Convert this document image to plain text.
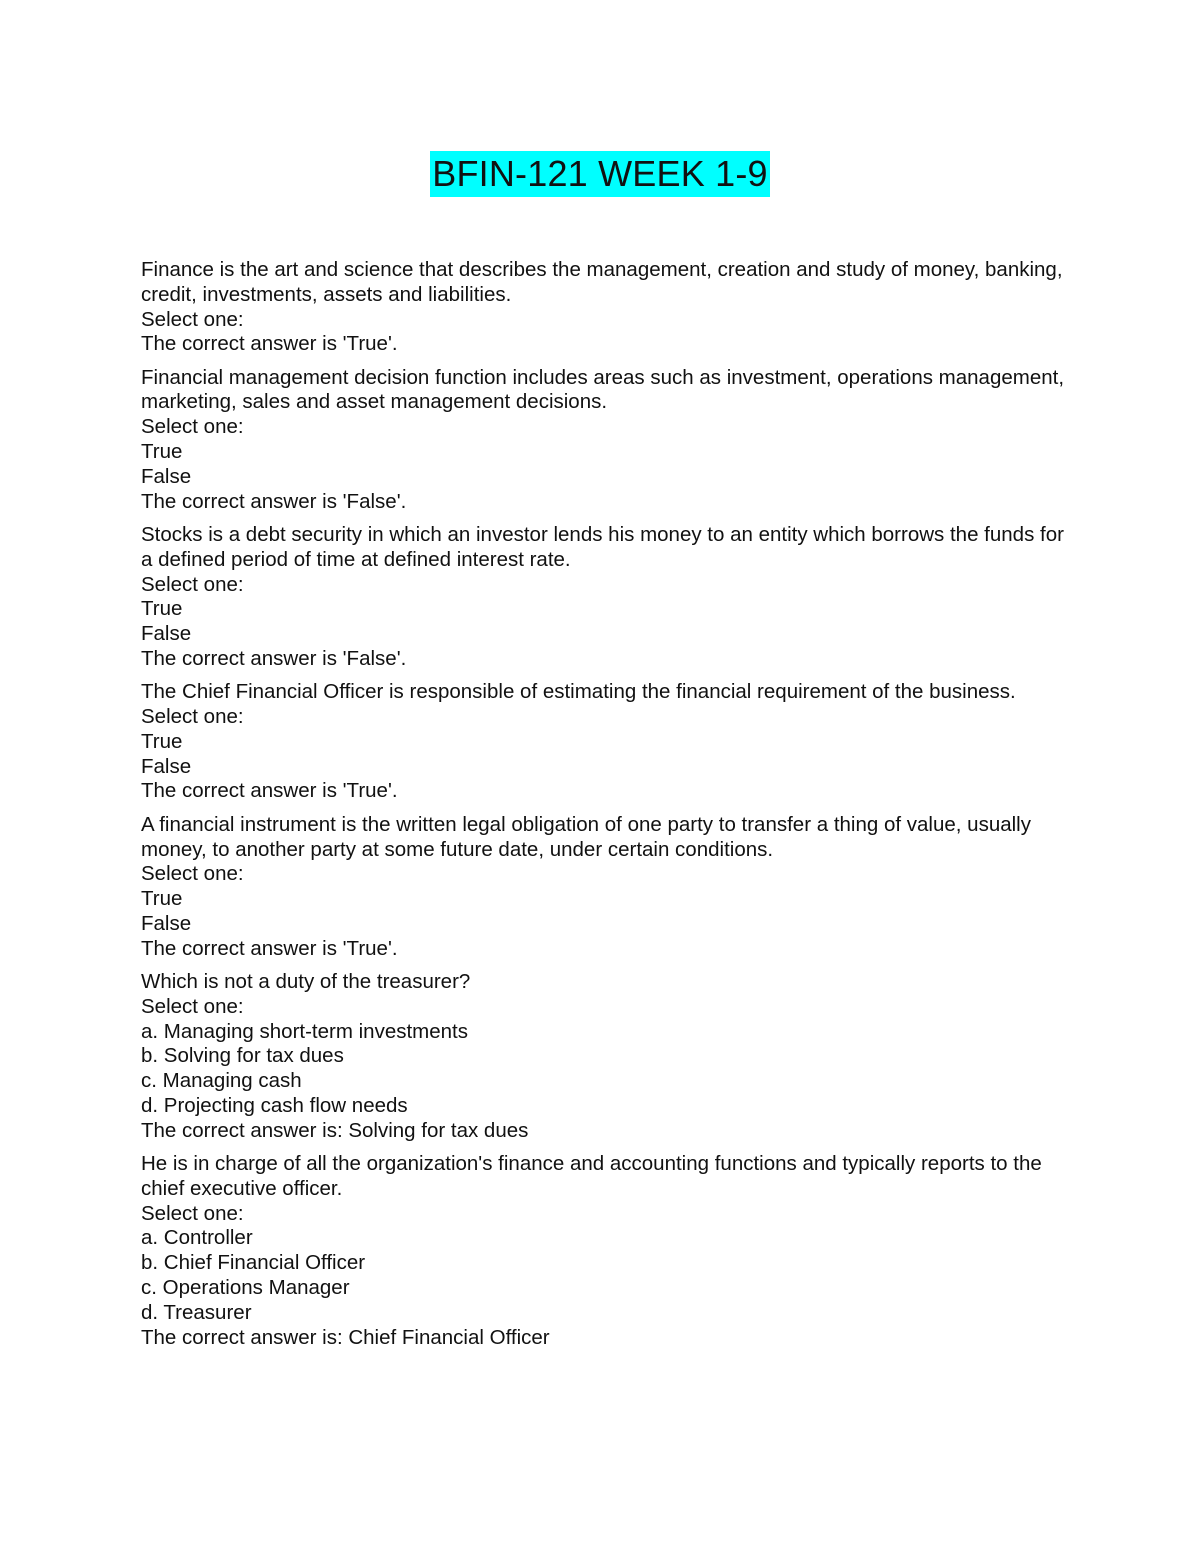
BFIN-121 WEEK 1-9
Finance is the art and science that describes the management, creation and study of money, banking, credit, investments, assets and liabilities.
Select one:
The correct answer is 'True'.
Financial management decision function includes areas such as investment, operations management, marketing, sales and asset management decisions.
Select one:
True
False
The correct answer is 'False'.
Stocks is a debt security in which an investor lends his money to an entity which borrows the funds for a defined period of time at defined interest rate.
Select one:
True
False
The correct answer is 'False'.
The Chief Financial Officer is responsible of estimating the financial requirement of the business.
Select one:
True
False
The correct answer is 'True'.
A financial instrument is the written legal obligation of one party to transfer a thing of value, usually money, to another party at some future date, under certain conditions.
Select one:
True
False
The correct answer is 'True'.
Which is not a duty of the treasurer?
Select one:
a. Managing short-term investments
b. Solving for tax dues
c. Managing cash
d. Projecting cash flow needs
The correct answer is: Solving for tax dues
He is in charge of all the organization's finance and accounting functions and typically reports to the chief executive officer.
Select one:
a. Controller
b. Chief Financial Officer
c. Operations Manager
d. Treasurer
The correct answer is: Chief Financial Officer
